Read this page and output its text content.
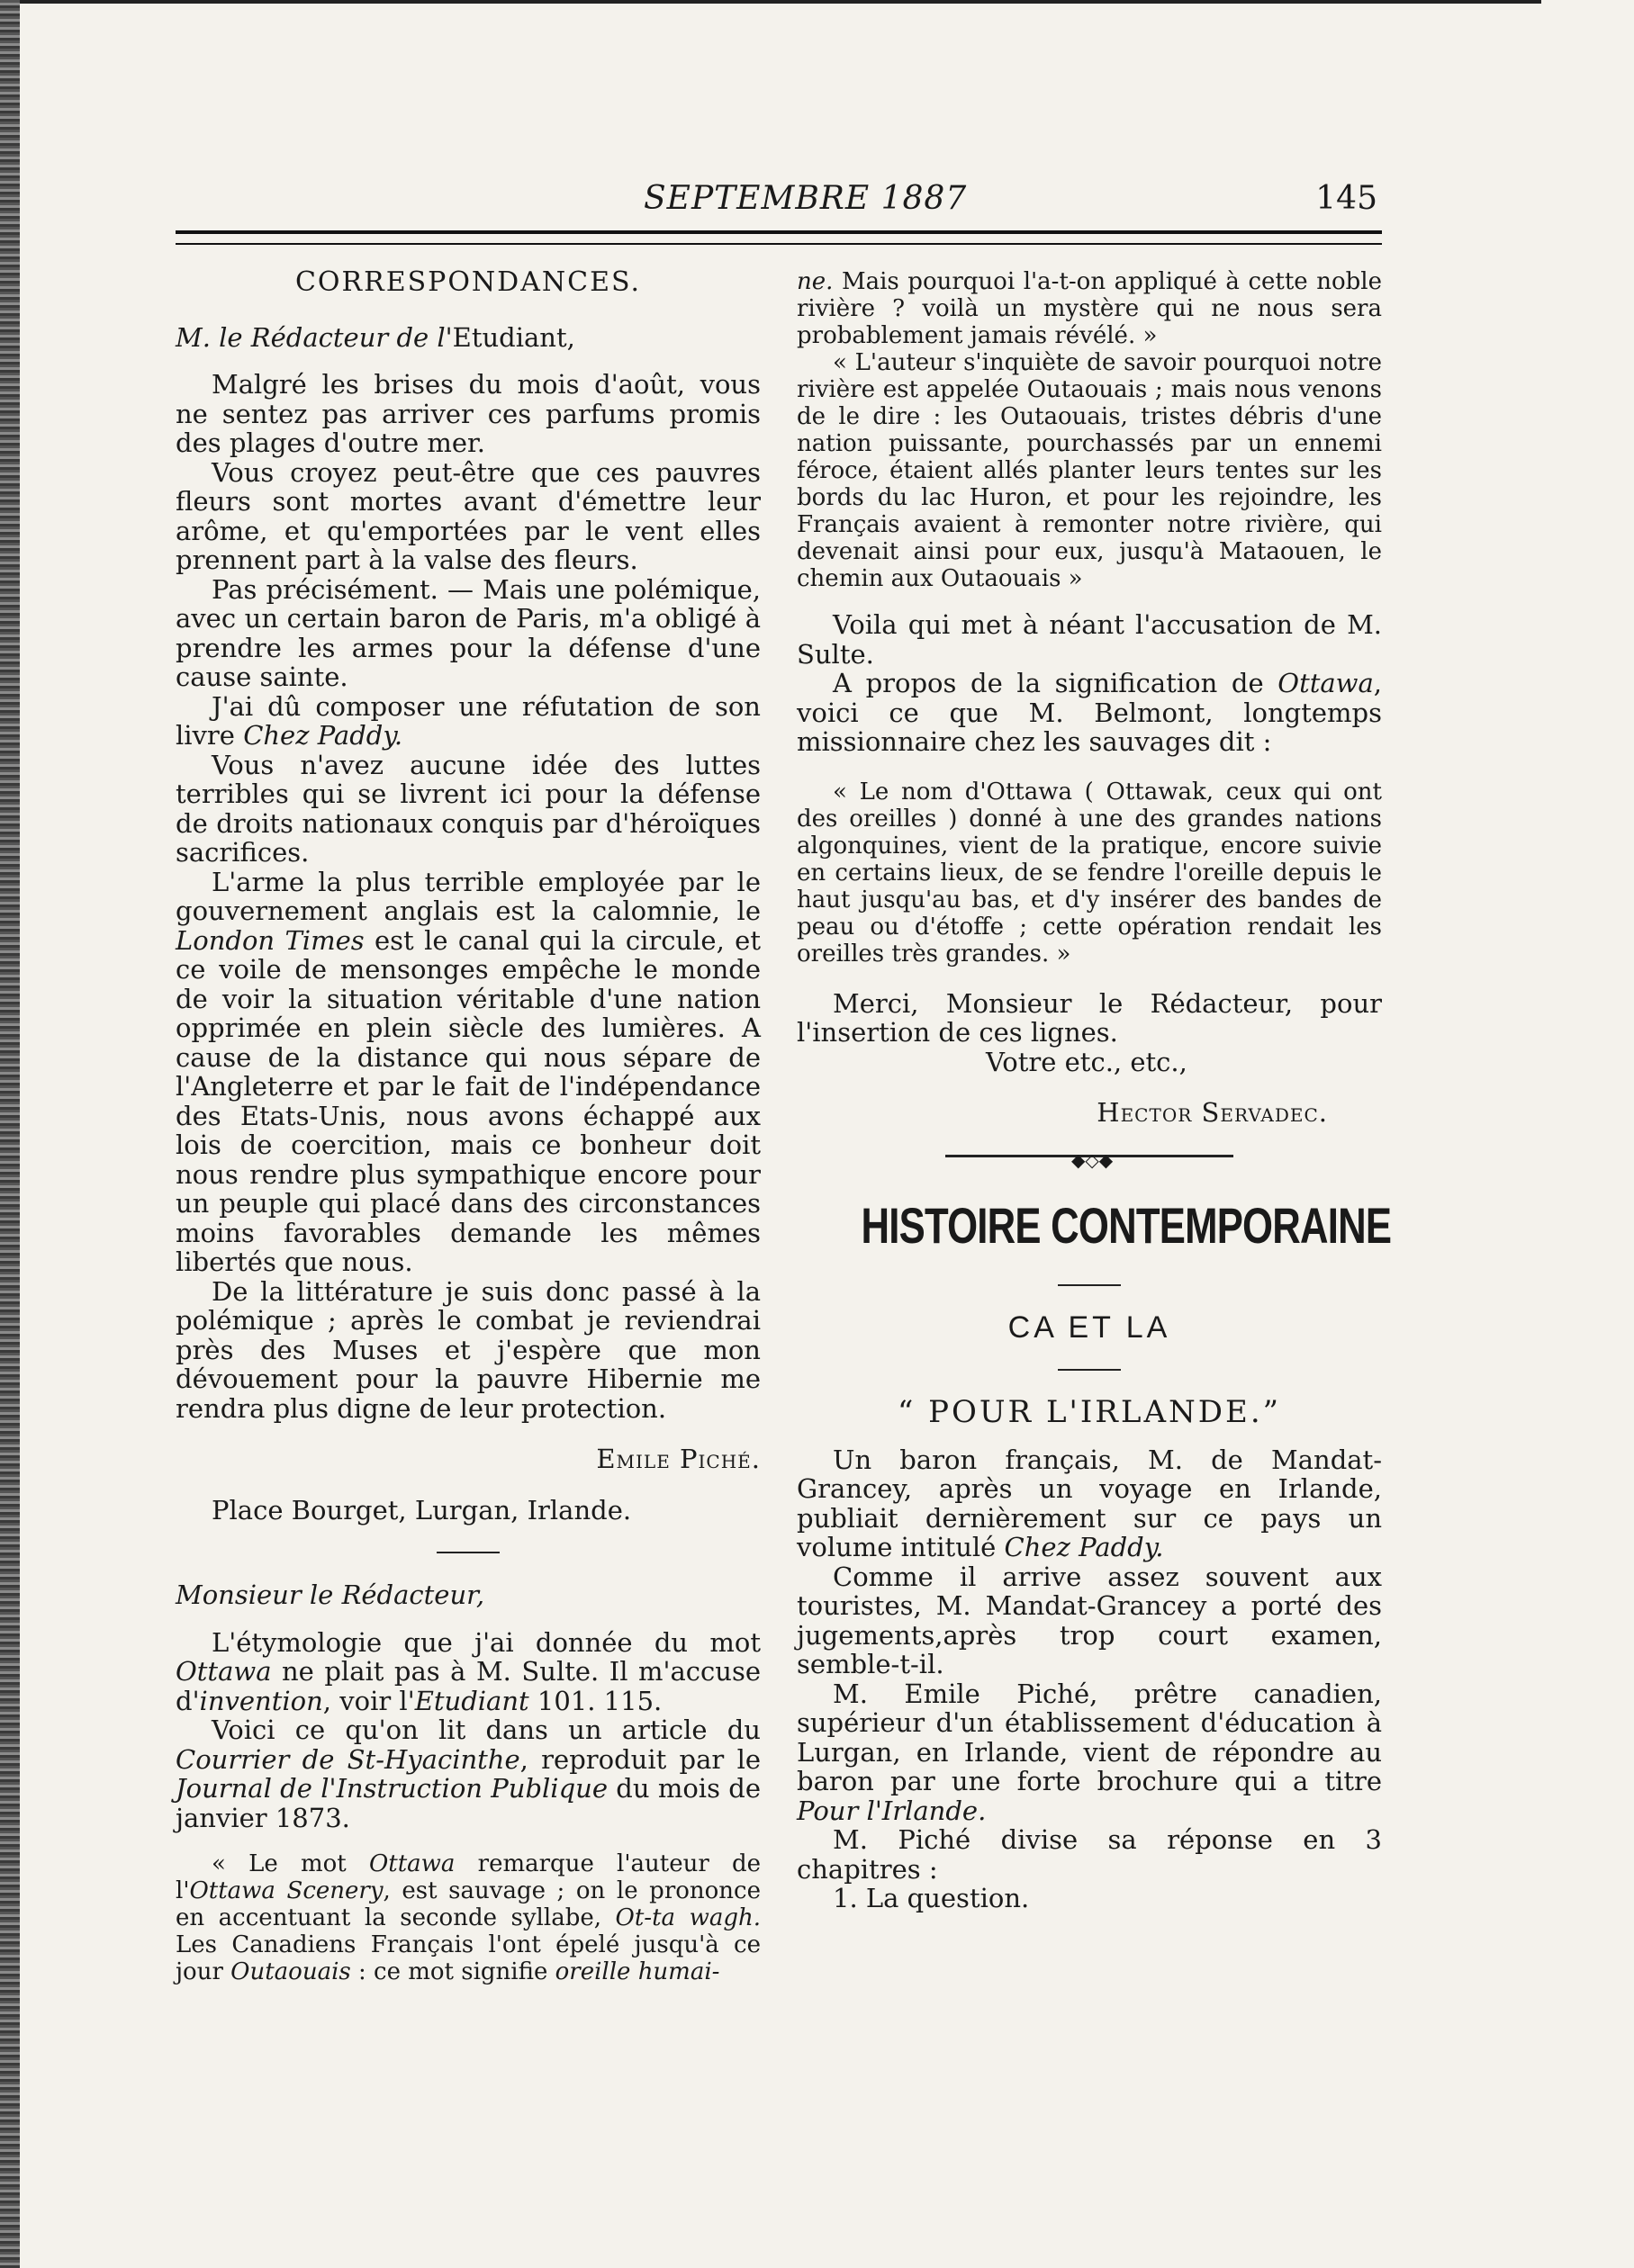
SEPTEMBRE 1887	145

CORRESPONDANCES.

M. le Rédacteur de l'Etudiant,

Malgré les brises du mois d'août, vous ne sentez pas arriver ces parfums promis des plages d'outre mer.

Vous croyez peut-être que ces pauvres fleurs sont mortes avant d'émettre leur arôme, et qu'emportées par le vent elles prennent part à la valse des fleurs.

Pas précisément. — Mais une polémique, avec un certain baron de Paris, m'a obligé à prendre les armes pour la défense d'une cause sainte.

J'ai dû composer une réfutation de son livre Chez Paddy.

Vous n'avez aucune idée des luttes terribles qui se livrent ici pour la défense de droits nationaux conquis par d'héroïques sacrifices.

L'arme la plus terrible employée par le gouvernement anglais est la calomnie, le London Times est le canal qui la circule, et ce voile de mensonges empêche le monde de voir la situation véritable d'une nation opprimée en plein siècle des lumières. A cause de la distance qui nous sépare de l'Angleterre et par le fait de l'indépendance des Etats-Unis, nous avons échappé aux lois de coercition, mais ce bonheur doit nous rendre plus sympathique encore pour un peuple qui placé dans des circonstances moins favorables demande les mêmes libertés que nous.

De la littérature je suis donc passé à la polémique ; après le combat je reviendrai près des Muses et j'espère que mon dévouement pour la pauvre Hibernie me rendra plus digne de leur protection.

Emile Piché.

Place Bourget, Lurgan, Irlande.

Monsieur le Rédacteur,

L'étymologie que j'ai donnée du mot Ottawa ne plait pas à M. Sulte. Il m'accuse d'invention, voir l'Etudiant 101. 115.

Voici ce qu'on lit dans un article du Courrier de St-Hyacinthe, reproduit par le Journal de l'Instruction Publique du mois de janvier 1873.

« Le mot Ottawa remarque l'auteur de l'Ottawa Scenery, est sauvage ; on le prononce en accentuant la seconde syllabe, Ot-ta wagh. Les Canadiens Français l'ont épelé jusqu'à ce jour Outaouais : ce mot signifie oreille humai-

ne. Mais pourquoi l'a-t-on appliqué à cette noble rivière ? voilà un mystère qui ne nous sera probablement jamais révélé. »

« L'auteur s'inquiète de savoir pourquoi notre rivière est appelée Outaouais ; mais nous venons de le dire : les Outaouais, tristes débris d'une nation puissante, pourchassés par un ennemi féroce, étaient allés planter leurs tentes sur les bords du lac Huron, et pour les rejoindre, les Français avaient à remonter notre rivière, qui devenait ainsi pour eux, jusqu'à Mataouen, le chemin aux Outaouais »

Voila qui met à néant l'accusation de M. Sulte.

A propos de la signification de Ottawa, voici ce que M. Belmont, longtemps missionnaire chez les sauvages dit :

« Le nom d'Ottawa ( Ottawak, ceux qui ont des oreilles ) donné à une des grandes nations algonquines, vient de la pratique, encore suivie en certains lieux, de se fendre l'oreille depuis le haut jusqu'au bas, et d'y insérer des bandes de peau ou d'étoffe ; cette opération rendait les oreilles très grandes. »

Merci, Monsieur le Rédacteur, pour l'insertion de ces lignes.

Votre etc., etc.,

Hector Servadec.

◆◇◆

HISTOIRE CONTEMPORAINE

CA ET LA

“ POUR L'IRLANDE.”

Un baron français, M. de Mandat-Grancey, après un voyage en Irlande, publiait dernièrement sur ce pays un volume intitulé Chez Paddy.

Comme il arrive assez souvent aux touristes, M. Mandat-Grancey a porté des jugements,après trop court examen, semble-t-il.

M. Emile Piché, prêtre canadien, supérieur d'un établissement d'éducation à Lurgan, en Irlande, vient de répondre au baron par une forte brochure qui a titre Pour l'Irlande.

M. Piché divise sa réponse en 3 chapitres :

1. La question.
